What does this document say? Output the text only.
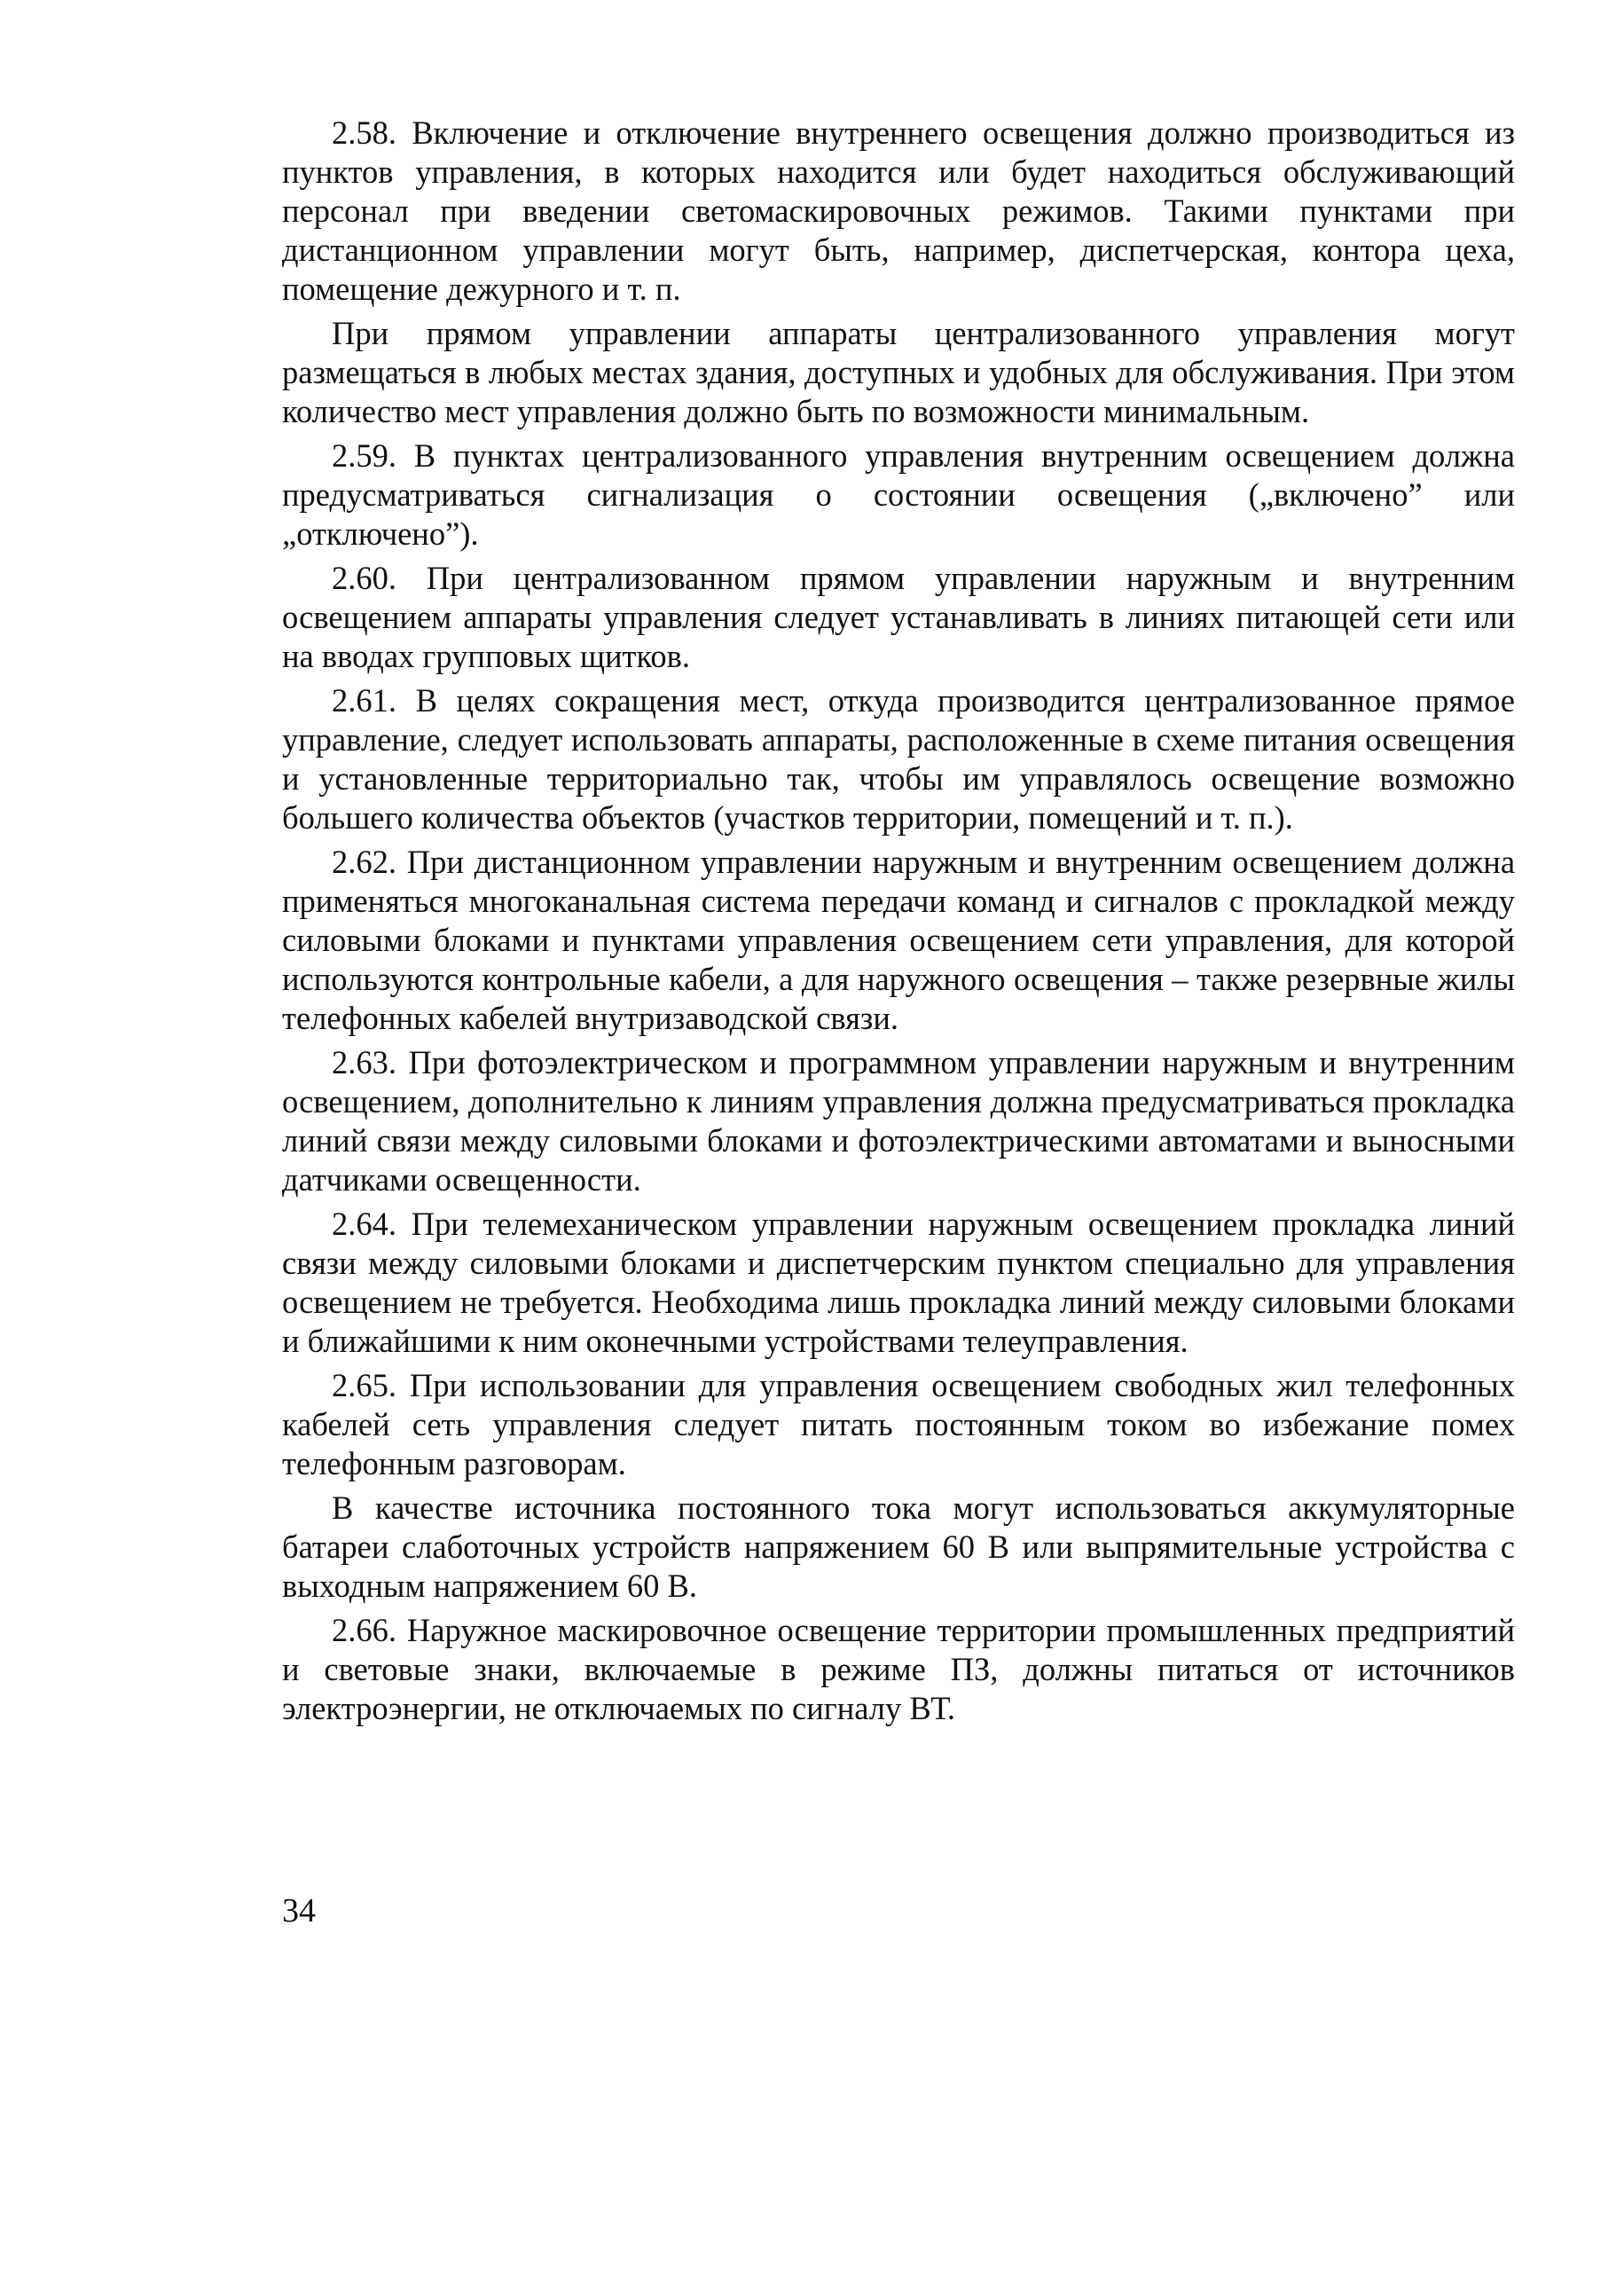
2.58. Включение и отключение внутреннего освещения должно производиться из пунктов управления, в которых находится или будет находиться обслуживающий персонал при введении светомаскировочных режимов. Такими пунктами при дистанционном управлении могут быть, например, диспетчерская, контора цеха, помещение дежурного и т. п.

При прямом управлении аппараты централизованного управления могут размещаться в любых местах здания, доступных и удобных для обслуживания. При этом количество мест управления должно быть по возможности минимальным.

2.59. В пунктах централизованного управления внутренним освещением должна предусматриваться сигнализация о состоянии освещения („включено” или „отключено”).

2.60. При централизованном прямом управлении наружным и внутренним освещением аппараты управления следует устанавливать в линиях питающей сети или на вводах групповых щитков.

2.61. В целях сокращения мест, откуда производится централизованное прямое управление, следует использовать аппараты, расположенные в схеме питания освещения и установленные территориально так, чтобы им управлялось освещение возможно большего количества объектов (участков территории, помещений и т. п.).

2.62. При дистанционном управлении наружным и внутренним освещением должна применяться многоканальная система передачи команд и сигналов с прокладкой между силовыми блоками и пунктами управления освещением сети управления, для которой используются контрольные кабели, а для наружного освещения – также резервные жилы телефонных кабелей внутризаводской связи.

2.63. При фотоэлектрическом и программном управлении наружным и внутренним освещением, дополнительно к линиям управления должна предусматриваться прокладка линий связи между силовыми блоками и фотоэлектрическими автоматами и выносными датчиками освещенности.

2.64. При телемеханическом управлении наружным освещением прокладка линий связи между силовыми блоками и диспетчерским пунктом специально для управления освещением не требуется. Необходима лишь прокладка линий между силовыми блоками и ближайшими к ним оконечными устройствами телеуправления.

2.65. При использовании для управления освещением свободных жил телефонных кабелей сеть управления следует питать постоянным током во избежание помех телефонным разговорам.

В качестве источника постоянного тока могут использоваться аккумуляторные батареи слаботочных устройств напряжением 60 В или выпрямительные устройства с выходным напряжением 60 В.

2.66. Наружное маскировочное освещение территории промышленных предприятий и световые знаки, включаемые в режиме ПЗ, должны питаться от источников электроэнергии, не отключаемых по сигналу ВТ.

34
